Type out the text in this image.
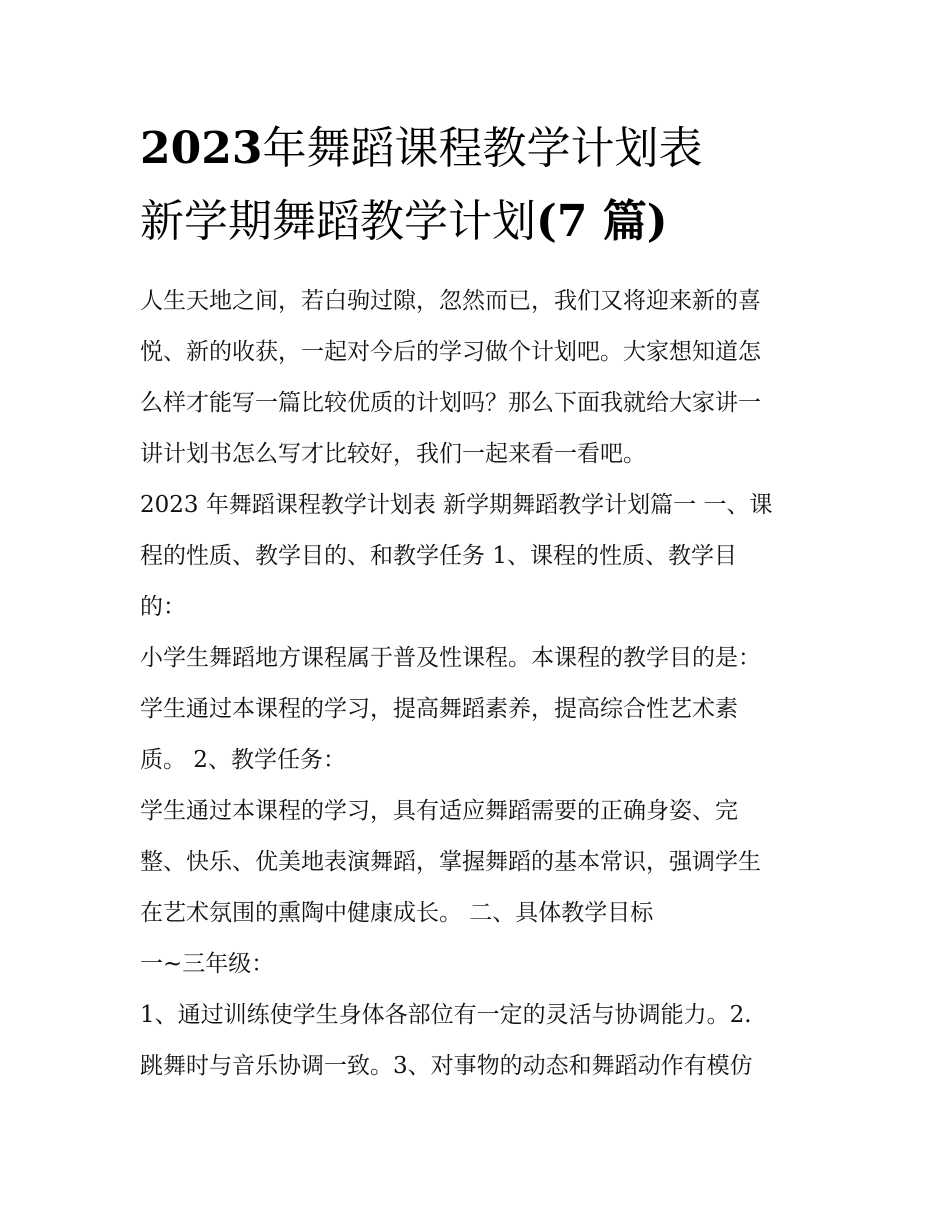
2023年舞蹈课程教学计划表
新学期舞蹈教学计划(7 篇)

人生天地之间，若白驹过隙，忽然而已，我们又将迎来新的喜
悦、新的收获，一起对今后的学习做个计划吧。大家想知道怎
么样才能写一篇比较优质的计划吗？那么下面我就给大家讲一
讲计划书怎么写才比较好，我们一起来看一看吧。

2023 年舞蹈课程教学计划表 新学期舞蹈教学计划篇一 一、课
程的性质、教学目的、和教学任务 1、课程的性质、教学目
的：

小学生舞蹈地方课程属于普及性课程。本课程的教学目的是：
学生通过本课程的学习，提高舞蹈素养，提高综合性艺术素
质。 2、教学任务：

学生通过本课程的学习，具有适应舞蹈需要的正确身姿、完
整、快乐、优美地表演舞蹈，掌握舞蹈的基本常识，强调学生
在艺术氛围的熏陶中健康成长。 二、具体教学目标

一~三年级：

1、通过训练使学生身体各部位有一定的灵活与协调能力。2.
跳舞时与音乐协调一致。3、对事物的动态和舞蹈动作有模仿
